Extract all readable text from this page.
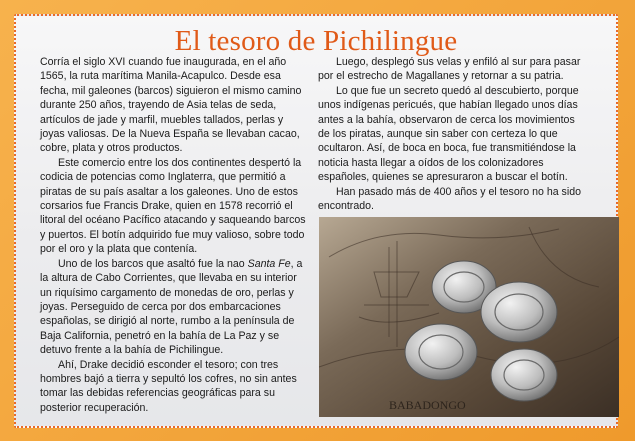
El tesoro de Pichilingue

Corría el siglo XVI cuando fue inaugurada, en el año 1565, la ruta marítima Manila-Acapulco. Desde esa fecha, mil galeones (barcos) siguieron el mismo camino durante 250 años, trayendo de Asia telas de seda, artículos de jade y marfil, muebles tallados, perlas y joyas valiosas. De la Nueva España se llevaban cacao, cobre, plata y otros productos.

Este comercio entre los dos continentes despertó la codicia de potencias como Inglaterra, que permitió a piratas de su país asaltar a los galeones. Uno de estos corsarios fue Francis Drake, quien en 1578 recorrió el litoral del océano Pacífico atacando y saqueando barcos y puertos. El botín adquirido fue muy valioso, sobre todo por el oro y la plata que contenía.

Uno de los barcos que asaltó fue la nao Santa Fe, a la altura de Cabo Corrientes, que llevaba en su interior un riquísimo cargamento de monedas de oro, perlas y joyas. Perseguido de cerca por dos embarcaciones españolas, se dirigió al norte, rumbo a la península de Baja California, penetró en la bahía de La Paz y se detuvo frente a la bahía de Pichilingue.

Ahí, Drake decidió esconder el tesoro; con tres hombres bajó a tierra y sepultó los cofres, no sin antes tomar las debidas referencias geográficas para su posterior recuperación.

Luego, desplegó sus velas y enfiló al sur para pasar por el estrecho de Magallanes y retornar a su patria.

Lo que fue un secreto quedó al descubierto, porque unos indígenas pericués, que habían llegado unos días antes a la bahía, observaron de cerca los movimientos de los piratas, aunque sin saber con certeza lo que ocultaron. Así, de boca en boca, fue transmitiéndose la noticia hasta llegar a oídos de los colonizadores españoles, quienes se apresuraron a buscar el botín.

Han pasado más de 400 años y el tesoro no ha sido encontrado.

BABADONGO
